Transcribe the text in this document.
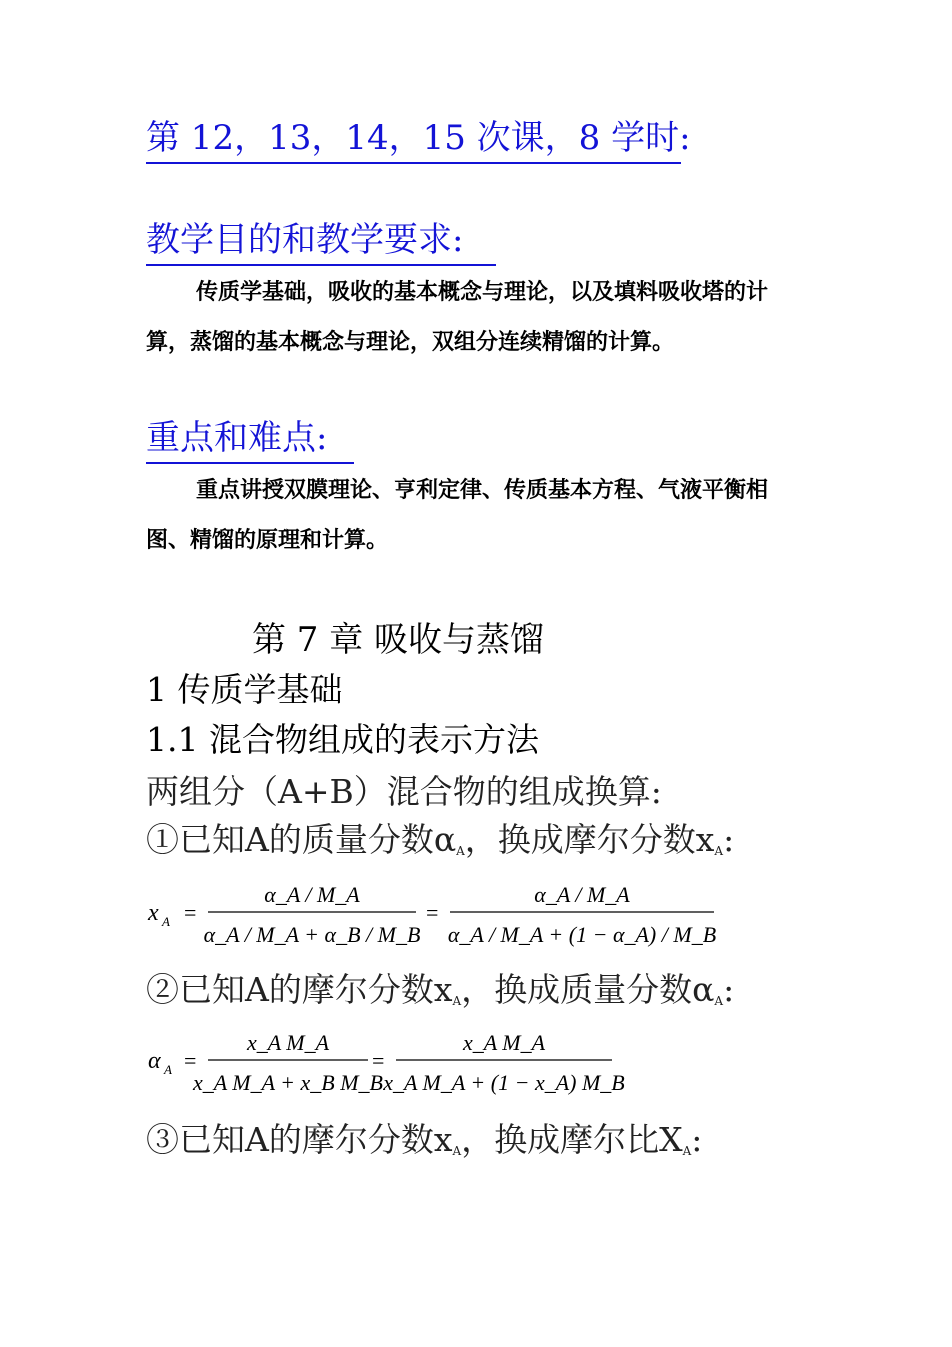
第 12，13，14，15 次课，8 学时:
教学目的和教学要求:

传质学基础，吸收的基本概念与理论，以及填料吸收塔的计算，蒸馏的基本概念与理论，双组分连续精馏的计算。

重点和难点:

重点讲授双膜理论、亨利定律、传质基本方程、气液平衡相图、精馏的原理和计算。

第 7 章 吸收与蒸馏
1 传质学基础
1.1 混合物组成的表示方法
两组分（A+B）混合物的组成换算:
①已知A的质量分数$\alpha_A$，换成摩尔分数$x_A$:
x A =
α_A / M_A
α_A / M_A + α_B / M_B
=
α_A / M_A
α_A / M_A + (1 − α_A) / M_B
②已知A的摩尔分数$x_A$，换成质量分数$\alpha_A$:
α A =
x_A M_A
x_A M_A + x_B M_B
=
x_A M_A
x_A M_A + (1 − x_A) M_B
③已知A的摩尔分数$x_A$，换成摩尔比$X_A$:
